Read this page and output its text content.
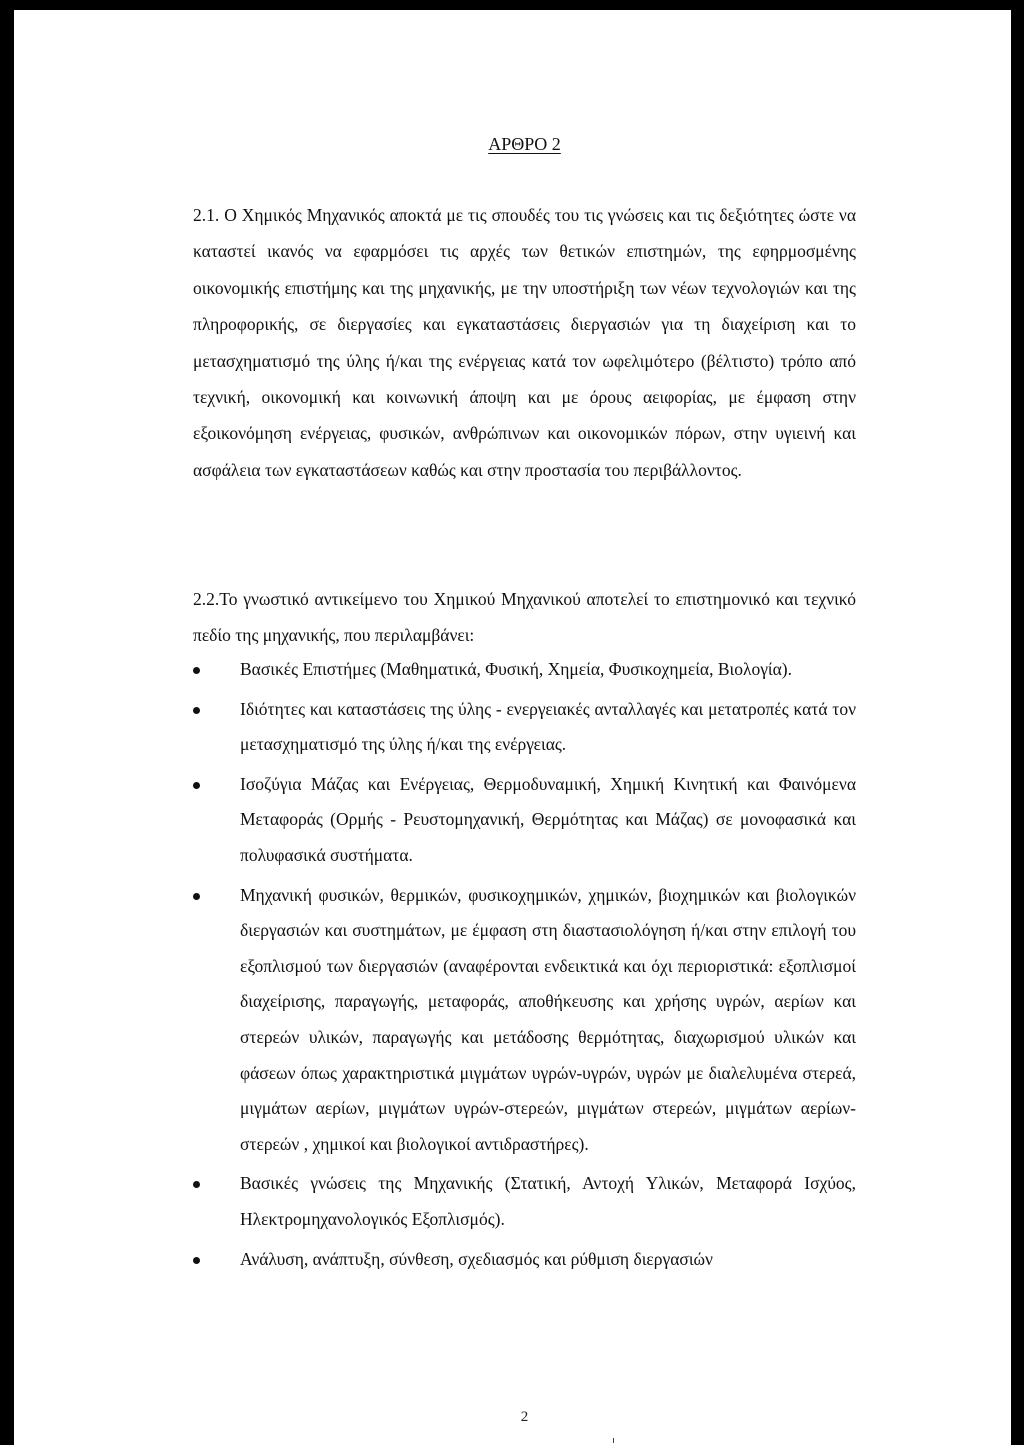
ΑΡΘΡΟ 2

2.1. Ο Χημικός Μηχανικός αποκτά με τις σπουδές του τις γνώσεις και τις δεξιότητες ώστε να καταστεί ικανός να εφαρμόσει τις αρχές των θετικών επιστημών, της εφηρμοσμένης οικονομικής επιστήμης και της μηχανικής, με την υποστήριξη των νέων τεχνολογιών και της πληροφορικής, σε διεργασίες και εγκαταστάσεις διεργασιών για τη διαχείριση και το μετασχηματισμό της ύλης ή/και της ενέργειας κατά τον ωφελιμότερο (βέλτιστο) τρόπο από τεχνική, οικονομική και κοινωνική άποψη και με όρους αειφορίας, με έμφαση στην εξοικονόμηση ενέργειας, φυσικών, ανθρώπινων και οικονομικών πόρων, στην υγιεινή και ασφάλεια των εγκαταστάσεων καθώς και στην προστασία του περιβάλλοντος.

2.2.Το γνωστικό αντικείμενο του Χημικού Μηχανικού αποτελεί το επιστημονικό και τεχνικό πεδίο της μηχανικής, που περιλαμβάνει:

Βασικές Επιστήμες (Μαθηματικά, Φυσική, Χημεία, Φυσικοχημεία, Βιολογία).
Ιδιότητες και καταστάσεις της ύλης - ενεργειακές ανταλλαγές και μετατροπές κατά τον μετασχηματισμό της ύλης ή/και της ενέργειας.
Ισοζύγια Μάζας και Ενέργειας, Θερμοδυναμική, Χημική Κινητική και Φαινόμενα Μεταφοράς (Ορμής - Ρευστομηχανική, Θερμότητας και Μάζας) σε μονοφασικά και πολυφασικά συστήματα.
Μηχανική φυσικών, θερμικών, φυσικοχημικών, χημικών, βιοχημικών και βιολογικών διεργασιών και συστημάτων, με έμφαση στη διαστασιολόγηση ή/και στην επιλογή του εξοπλισμού των διεργασιών (αναφέρονται ενδεικτικά και όχι περιοριστικά: εξοπλισμοί διαχείρισης, παραγωγής, μεταφοράς, αποθήκευσης και χρήσης υγρών, αερίων και στερεών υλικών, παραγωγής και μετάδοσης θερμότητας, διαχωρισμού υλικών και φάσεων όπως χαρακτηριστικά μιγμάτων υγρών-υγρών, υγρών με διαλελυμένα στερεά, μιγμάτων αερίων, μιγμάτων υγρών-στερεών, μιγμάτων στερεών, μιγμάτων αερίων-στερεών , χημικοί και βιολογικοί αντιδραστήρες).
Βασικές γνώσεις της Μηχανικής (Στατική, Αντοχή Υλικών, Μεταφορά Ισχύος, Ηλεκτρομηχανολογικός Εξοπλισμός).
Ανάλυση, ανάπτυξη, σύνθεση, σχεδιασμός και ρύθμιση διεργασιών

2
